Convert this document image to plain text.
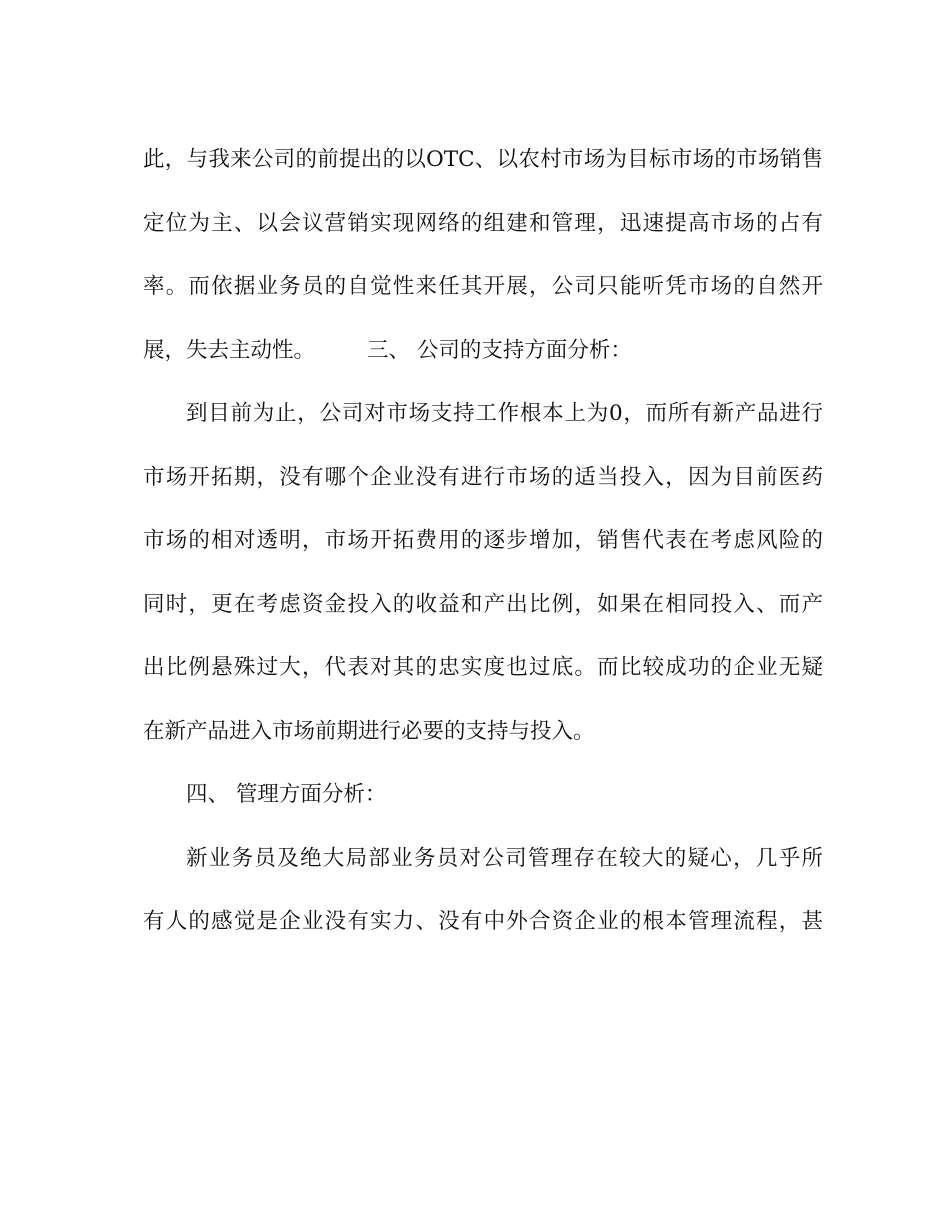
此，与我来公司的前提出的以OTC、以农村市场为目标市场的市场销售
定位为主、以会议营销实现网络的组建和管理，迅速提高市场的占有
率。而依据业务员的自觉性来任其开展，公司只能听凭市场的自然开
展，失去主动性。 三、 公司的支持方面分析：
到目前为止，公司对市场支持工作根本上为0，而所有新产品进行
市场开拓期，没有哪个企业没有进行市场的适当投入，因为目前医药
市场的相对透明，市场开拓费用的逐步增加，销售代表在考虑风险的
同时，更在考虑资金投入的收益和产出比例，如果在相同投入、而产
出比例悬殊过大，代表对其的忠实度也过底。而比较成功的企业无疑
在新产品进入市场前期进行必要的支持与投入。
四、 管理方面分析：
新业务员及绝大局部业务员对公司管理存在较大的疑心，几乎所
有人的感觉是企业没有实力、没有中外合资企业的根本管理流程，甚
